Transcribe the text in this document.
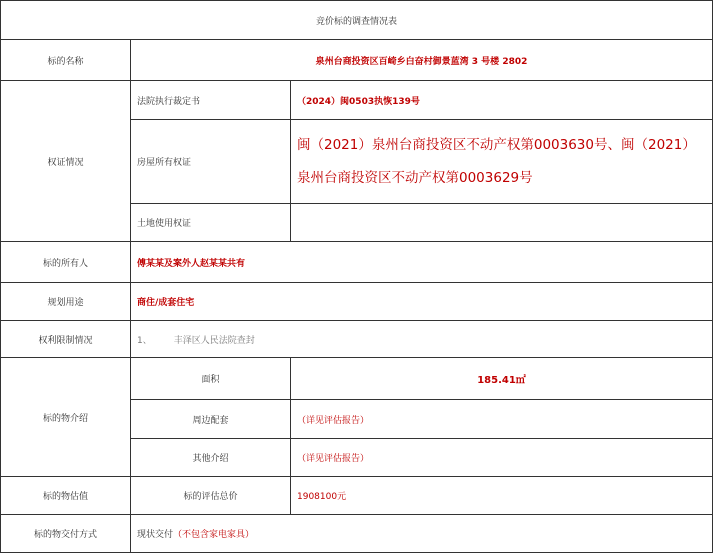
竞价标的调查情况表		
标的名称	泉州台商投资区百崎乡白奋村御景蓝湾 3 号楼 2802	
权证情况	法院执行裁定书	（2024）闽0503执恢139号
	房屋所有权证	闽（2021）泉州台商投资区不动产权第0003630号、闽（2021）泉州台商投资区不动产权第0003629号
	土地使用权证	
标的所有人	傅某某及案外人赵某某共有	
规划用途	商住/成套住宅	
权利限制情况	1、 丰泽区人民法院查封	
标的物介绍	面积	185.41㎡
	周边配套	（详见评估报告）
	其他介绍	（详见评估报告）
标的物估值	标的评估总价	1908100元
标的物交付方式	现状交付（不包含家电家具）	
